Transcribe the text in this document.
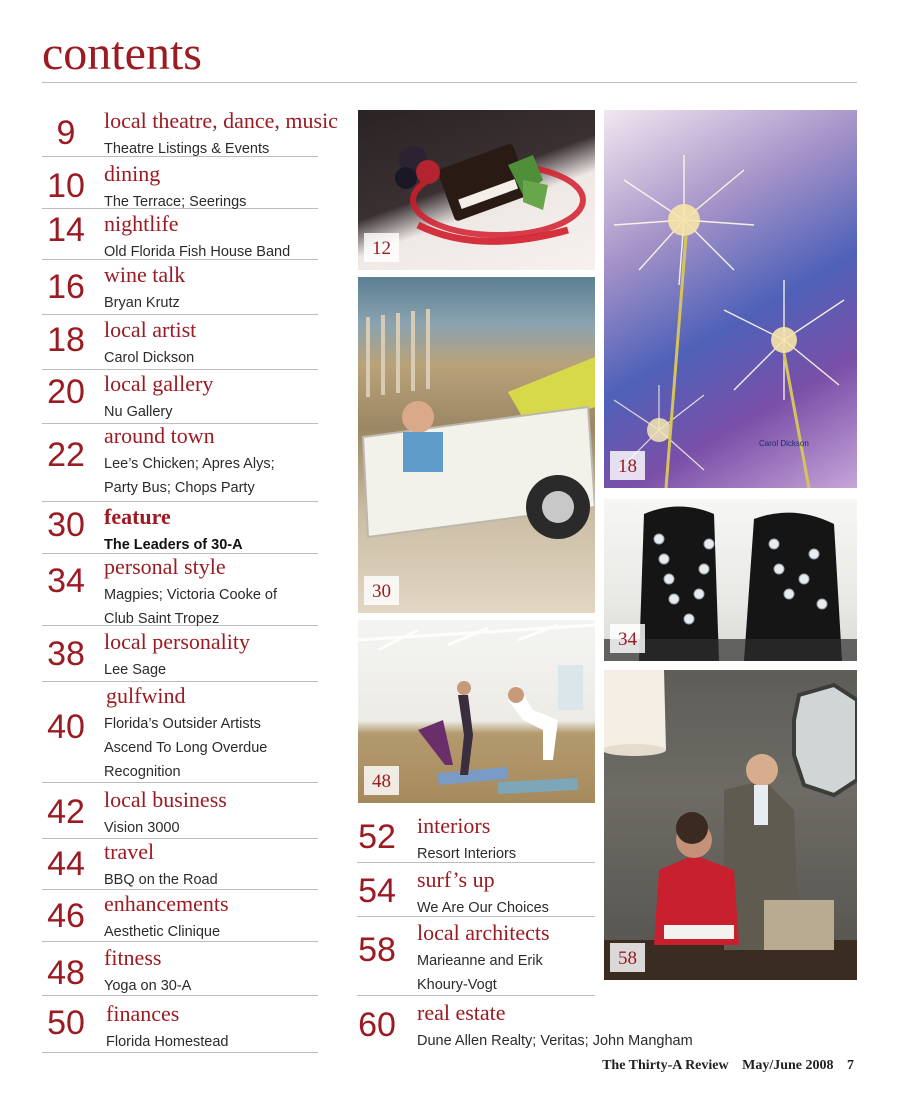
contents
9	local theatre, dance, music
Theatre Listings & Events
10 dining
The Terrace; Seerings
14 nightlife
Old Florida Fish House Band
16 wine talk
Bryan Krutz
18 local artist
Carol Dickson
20 local gallery
Nu Gallery
22
around town
Lee’s Chicken; Apres Alys;
Party Bus; Chops Party
30 feature
The Leaders of 30-A
34 personal style
Magpies; Victoria Cooke of
Club Saint Tropez
38 local personality
Lee Sage
40
gulfwind
Florida’s Outsider Artists
Ascend To Long Overdue
Recognition
42 local business
Vision 3000
44 travel
BBQ on the Road
46 enhancements
Aesthetic Clinique
48 fitness
Yoga on 30-A
50 finances
Florida Homestead
52 interiors
Resort Interiors
54 surf’s up
We Are Our Choices
58 local architects
Marieanne and Erik
Khoury-Vogt
60 real estate
Dune Allen Realty; Veritas; John Mangham
12
Carol Dickson
18
30
34
48
58
The Thirty-A Review May/June 2008 7
